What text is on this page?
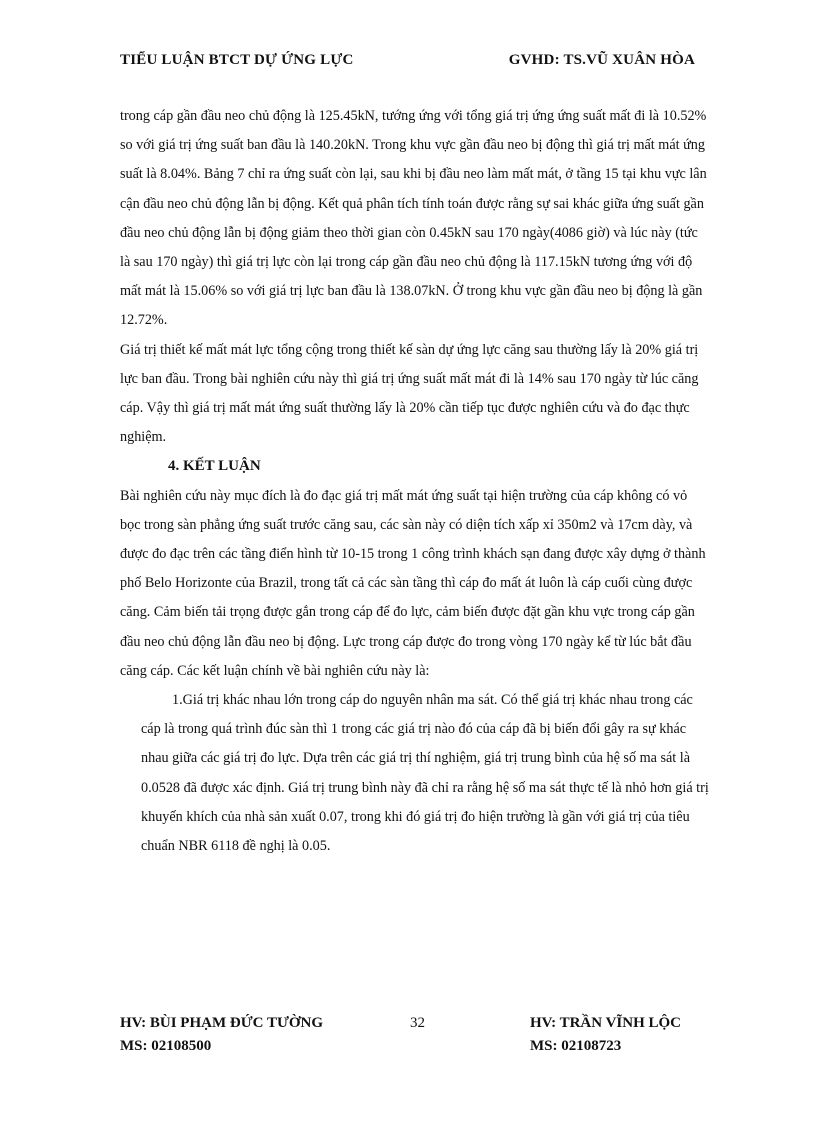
TIỂU LUẬN BTCT DỰ ỨNG LỰC	GVHD: TS.VŨ XUÂN HÒA

trong cáp gần đầu neo chủ động là 125.45kN, tướng ứng với tổng giá trị ứng ứng suất mất đi là 10.52% so với giá trị ứng suất ban đầu là 140.20kN. Trong khu vực gần đầu neo bị động thì giá trị mất mát ứng suất là 8.04%. Bảng 7 chỉ ra ứng suất còn lại, sau khi bị đầu neo làm mất mát, ở tầng 15 tại khu vực lân cận đầu neo chủ động lẫn bị động. Kết quả phân tích tính toán được rằng sự sai khác giữa ứng suất gần đầu neo chủ động lẫn bị động giảm theo thời gian còn 0.45kN sau 170 ngày(4086 giờ) và lúc này (tức là sau 170 ngày) thì giá trị lực còn lại trong cáp gần đầu neo chủ động là 117.15kN tương ứng với độ mất mát là 15.06% so với giá trị lực ban đầu là 138.07kN. Ở trong khu vực gần đầu neo bị động là gần 12.72%.

Giá trị thiết kế mất mát lực tổng cộng trong thiết kế sàn dự ứng lực căng sau thường lấy là 20% giá trị lực ban đầu. Trong bài nghiên cứu này thì giá trị ứng suất mất mát đi là 14% sau 170 ngày từ lúc căng cáp. Vậy thì giá trị mất mát ứng suất thường lấy là 20% cần tiếp tục được nghiên cứu và đo đạc thực nghiệm.

4. KẾT LUẬN

Bài nghiên cứu này mục đích là đo đạc giá trị mất mát ứng suất tại hiện trường của cáp không có vỏ bọc trong sàn phẳng ứng suất trước căng sau, các sàn này có diện tích xấp xỉ 350m2 và 17cm dày, và được đo đạc trên các tầng điển hình từ 10-15 trong 1 công trình khách sạn đang được xây dựng ở thành phố Belo Horizonte của Brazil, trong tất cả các sàn tầng thì cáp đo mất át luôn là cáp cuối cùng được căng. Cảm biến tải trọng được gắn trong cáp để đo lực, cảm biến được đặt gần khu vực trong cáp gần đầu neo chủ động lẫn đầu neo bị động. Lực trong cáp được đo trong vòng 170 ngày kể từ lúc bắt đầu căng cáp. Các kết luận chính về bài nghiên cứu này là:

1.Giá trị khác nhau lớn trong cáp do nguyên nhân ma sát. Có thể giá trị khác nhau trong các cáp là trong quá trình đúc sàn thì 1 trong các giá trị nào đó của cáp đã bị biến đổi gây ra sự khác nhau giữa các giá trị đo lực. Dựa trên các giá trị thí nghiệm, giá trị trung bình của hệ số ma sát là 0.0528 đã được xác định. Giá trị trung bình này đã chỉ ra rằng hệ số ma sát thực tế là nhỏ hơn giá trị khuyến khích của nhà sản xuất 0.07, trong khi đó giá trị đo hiện trường là gần với giá trị của tiêu chuẩn NBR 6118 đề nghị là 0.05.

HV: BÙI PHẠM ĐỨC TƯỜNG
MS: 02108500
32	HV: TRẦN VĨNH LỘC
MS: 02108723
